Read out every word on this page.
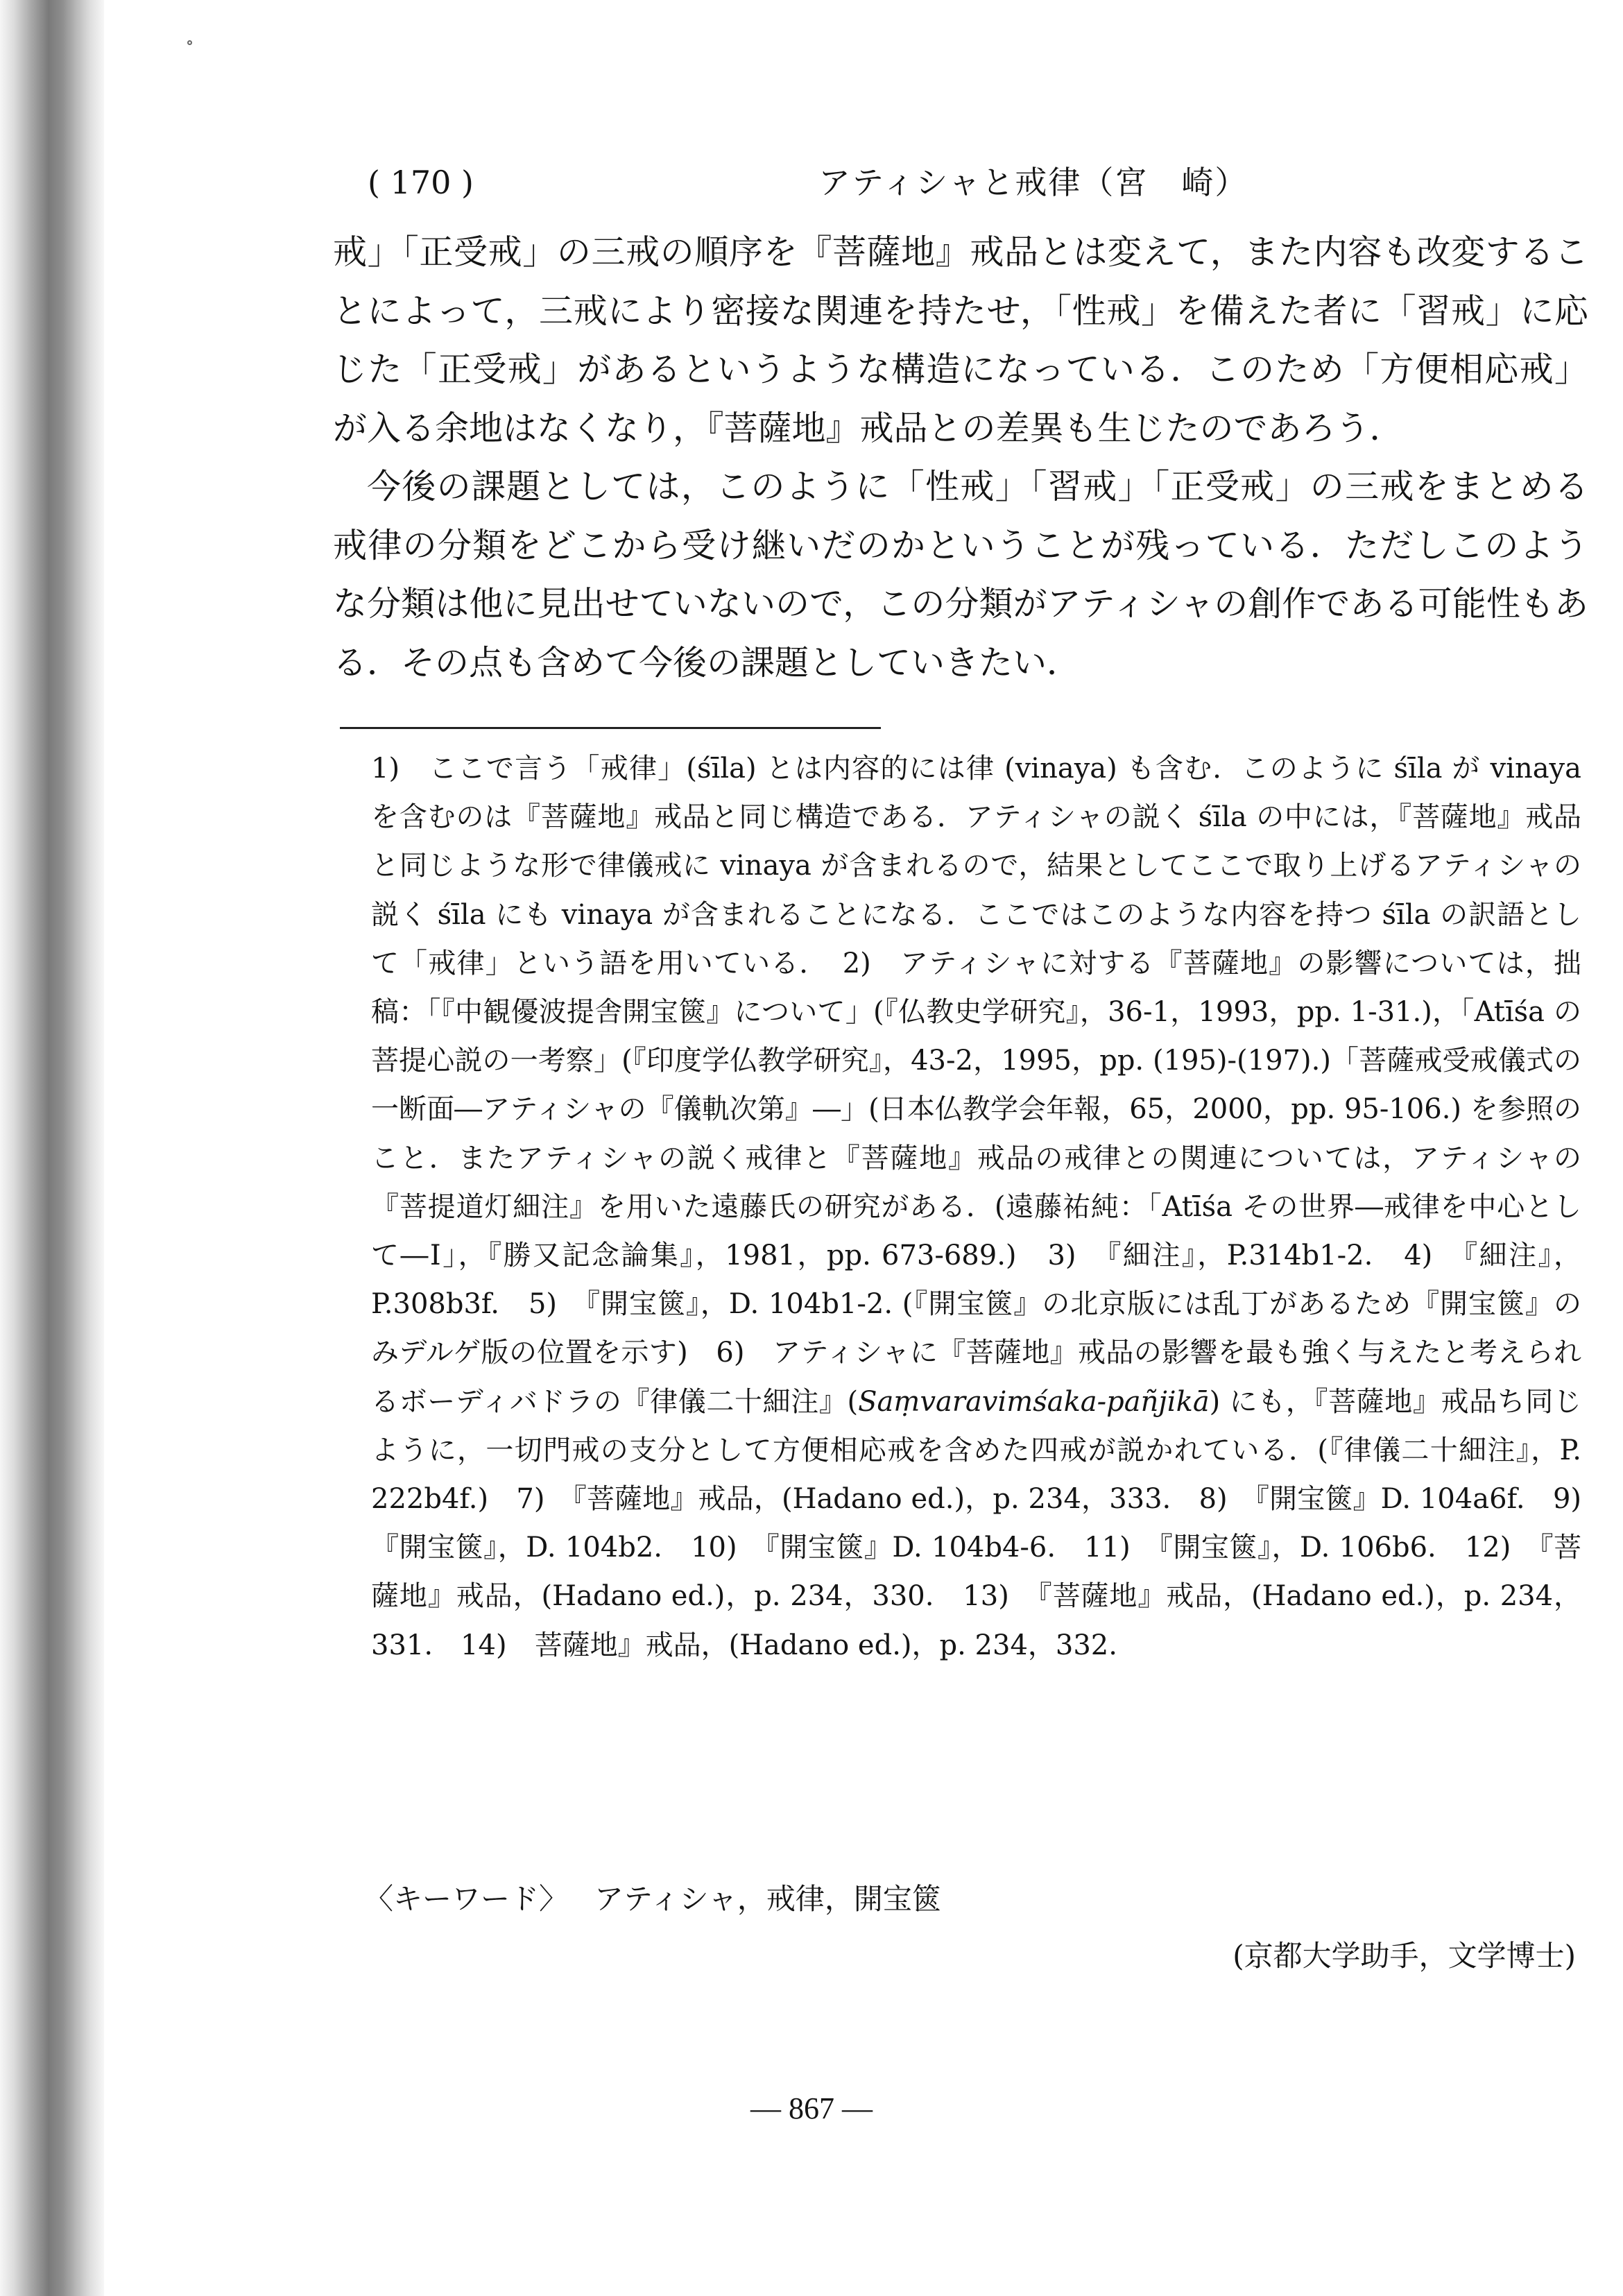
( 170 )	アティシャと戒律（宮　崎）

戒」「正受戒」の三戒の順序を『菩薩地』戒品とは変えて，また内容も改変することによって，三戒により密接な関連を持たせ，「性戒」を備えた者に「習戒」に応じた「正受戒」があるというような構造になっている．このため「方便相応戒」が入る余地はなくなり，『菩薩地』戒品との差異も生じたのであろう．

今後の課題としては，このように「性戒」「習戒」「正受戒」の三戒をまとめる戒律の分類をどこから受け継いだのかということが残っている．ただしこのような分類は他に見出せていないので，この分類がアティシャの創作である可能性もある．その点も含めて今後の課題としていきたい．

1)　ここで言う「戒律」(śīla) とは内容的には律 (vinaya) も含む．このように śīla が vinaya を含むのは『菩薩地』戒品と同じ構造である．アティシャの説く śīla の中には，『菩薩地』戒品と同じような形で律儀戒に vinaya が含まれるので，結果としてここで取り上げるアティシャの説く śīla にも vinaya が含まれることになる．ここではこのような内容を持つ śīla の訳語として「戒律」という語を用いている．　2)　アティシャに対する『菩薩地』の影響については，拙稿：「『中観優波提舎開宝篋』について」(『仏教史学研究』，36-1，1993，pp. 1-31.)，「Atīśa の菩提心説の一考察」(『印度学仏教学研究』，43-2，1995，pp. (195)-(197).)「菩薩戒受戒儀式の一断面―アティシャの『儀軌次第』―」(日本仏教学会年報，65，2000，pp. 95-106.) を参照のこと．またアティシャの説く戒律と『菩薩地』戒品の戒律との関連については，アティシャの『菩提道灯細注』を用いた遠藤氏の研究がある．(遠藤祐純：「Atīśa その世界―戒律を中心として―Ⅰ」，『勝又記念論集』，1981，pp. 673-689.)　3)　『細注』，P.314b1-2.　4)　『細注』，P.308b3f.　5)　『開宝篋』，D. 104b1-2. (『開宝篋』の北京版には乱丁があるため『開宝篋』のみデルゲ版の位置を示す)　6)　アティシャに『菩薩地』戒品の影響を最も強く与えたと考えられるボーディバドラの『律儀二十細注』(Saṃvaravimśaka-pañjikā) にも，『菩薩地』戒品ち同じように，一切門戒の支分として方便相応戒を含めた四戒が説かれている．(『律儀二十細注』，P. 222b4f.)　7)　『菩薩地』戒品，(Hadano ed.)，p. 234，333.　8)　『開宝篋』D. 104a6f.　9)　『開宝篋』，D. 104b2.　10)　『開宝篋』D. 104b4-6.　11)　『開宝篋』，D. 106b6.　12)　『菩薩地』戒品，(Hadano ed.)，p. 234，330.　13)　『菩薩地』戒品，(Hadano ed.)，p. 234，331.　14)　菩薩地』戒品，(Hadano ed.)，p. 234，332.

〈キーワード〉 アティシャ，戒律，開宝篋
(京都大学助手，文学博士)
— 867 —
